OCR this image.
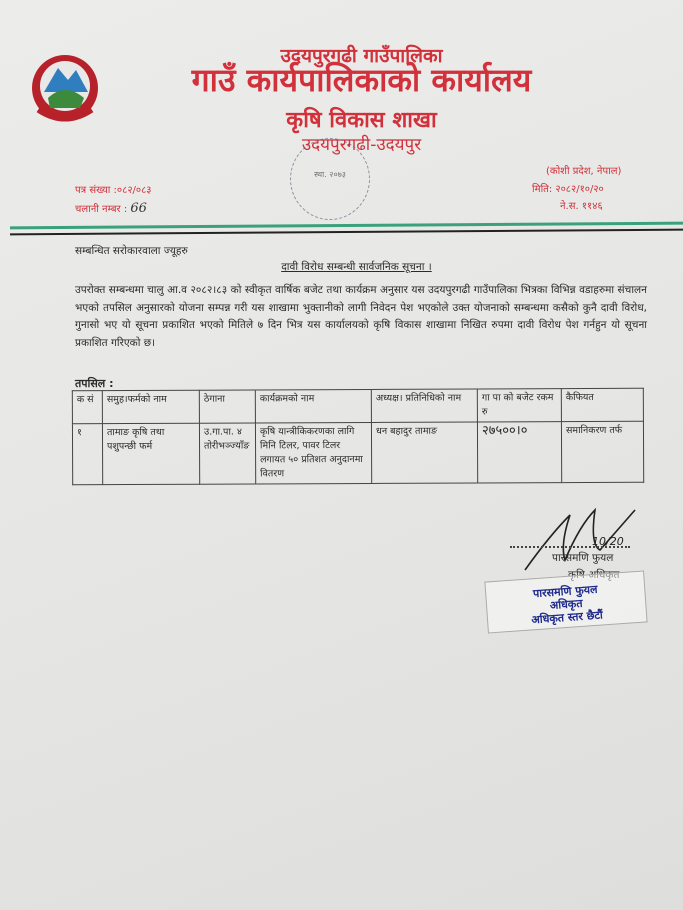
उदयपुरगढी गाउँपालिका
गाउँ कार्यपालिकाको कार्यालय
कृषि विकास शाखा
उदयपुरगढी-उदयपुर
स्था. २०७३
पत्र संख्या :०८२/०८३
चलानी नम्बर : 66
(कोशी प्रदेश, नेपाल)
मिति: २०८२/१०/२०
ने.स. ११४६
सम्बन्धित सरोकारवाला ज्यूहरु
दावी विरोध सम्बन्धी सार्वजनिक सूचना ।
उपरोक्त सम्बन्धमा चालु आ.व २०८२।८३ को स्वीकृत वार्षिक बजेट तथा कार्यक्रम अनुसार यस उदयपुरगढी गाउँपालिका भित्रका विभिन्न वडाहरुमा संचालन भएको तपसिल अनुसारको योजना सम्पन्न गरी यस शाखामा भुक्तानीको लागी निवेदन पेश भएकोले उक्त योजनाको सम्बन्धमा कसैको कुनै दावी विरोध, गुनासो भए यो सूचना प्रकाशित भएको मितिले ७ दिन भित्र यस कार्यालयको कृषि विकास शाखामा निखित रुपमा दावी विरोध पेश गर्नहुन यो सूचना प्रकाशित गरिएको छ।
तपसिल :
क सं	समुह।फर्मको नाम	ठेगाना	कार्यक्रमको नाम	अध्यक्ष। प्रतिनिधिको नाम	गा पा को बजेट रकम रु	कैफियत
१	तामाङ कृषि तथा पशुपन्छी फर्म	उ.गा.पा. ४ तोरीभञ्ज्याँङ	कृषि यान्त्रीकिकरणका लागि मिनि टिलर, पावर टिलर लगायत ५० प्रतिशत अनुदानमा वितरण	धन बहादुर तामाङ	२७५००।०	समानिकरण तर्फ
10/20
पारसमणि फुयल
कृषि अधिकृत
पारसमणि फुयल
अधिकृत
अधिकृत स्तर छैटौं
